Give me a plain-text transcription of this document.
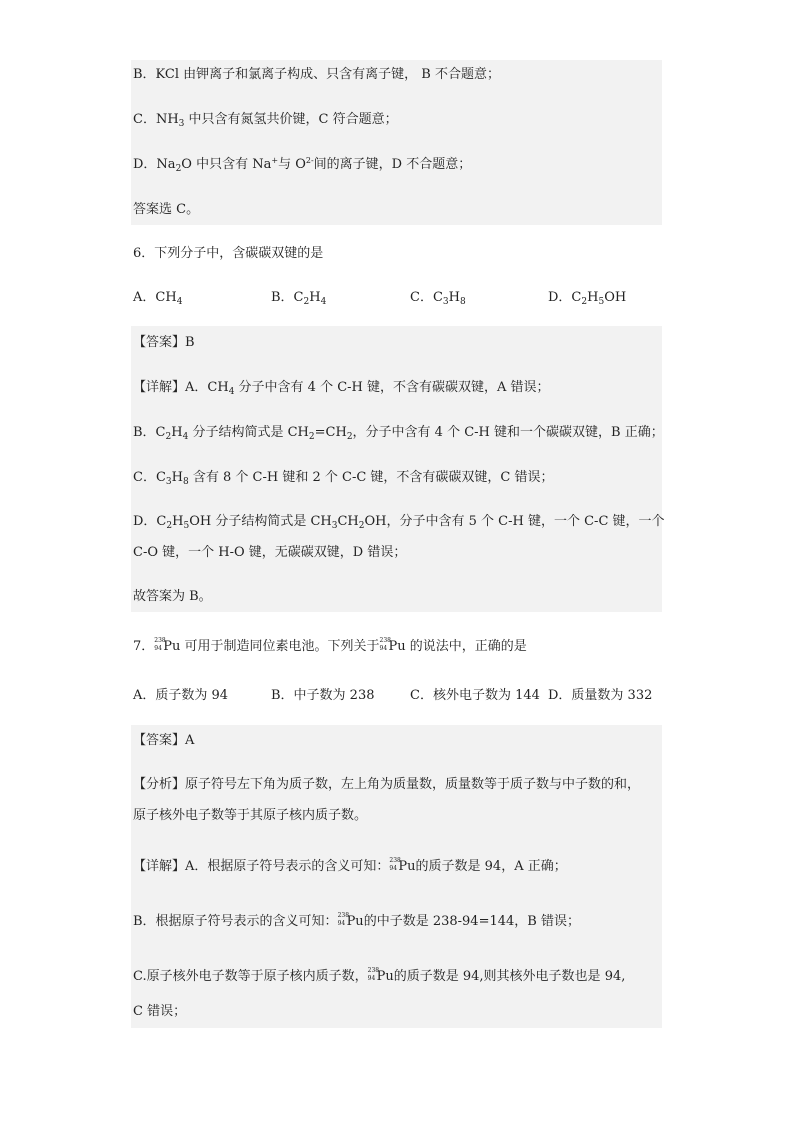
B．KCl 由钾离子和氯离子构成、只含有离子键， B 不合题意；
C．$NH_3$ 中只含有氮氢共价键，C 符合题意；
D．$Na_2O$ 中只含有 Na+与 $O^{2-}$间的离子键，D 不合题意；
答案选 C。
6．下列分子中，含碳碳双键的是
A．$CH_4$	B．$C_2H_4$	C．$C_3H_8$	D．$C_2H_5OH$
【答案】B
【详解】A．$CH_4$ 分子中含有 4 个 C-H 键，不含有碳碳双键，A 错误；
B．$C_2H_4$ 分子结构简式是 $CH_2=CH_2$，分子中含有 4 个 C-H 键和一个碳碳双键，B 正确；
C．$C_3H_8$ 含有 8 个 C-H 键和 2 个 C-C 键，不含有碳碳双键，C 错误；
D．$C_2H_5OH$ 分子结构简式是 $CH_3CH_2OH$，分子中含有 5 个 C-H 键，一个 C-C 键，一个
C-O 键，一个 H-O 键，无碳碳双键，D 错误；
故答案为 B。
7． 238
94 Pu 可用于制造同位素电池。下列关于 238
94 Pu 的说法中，正确的是
A．质子数为 94	B．中子数为 238	C．核外电子数为 144 D．质量数为 332
【答案】A
【分析】原子符号左下角为质子数，左上角为质量数，质量数等于质子数与中子数的和，
原子核外电子数等于其原子核内质子数。
【详解】A．根据原子符号表示的含义可知： 238
94 Pu的质子数是 94，A 正确；
B．根据原子符号表示的含义可知： 238
94 Pu的中子数是 238-94=144，B 错误；
C.原子核外电子数等于原子核内质子数， 238
94 Pu的质子数是 94,则其核外电子数也是 94,
C 错误；
